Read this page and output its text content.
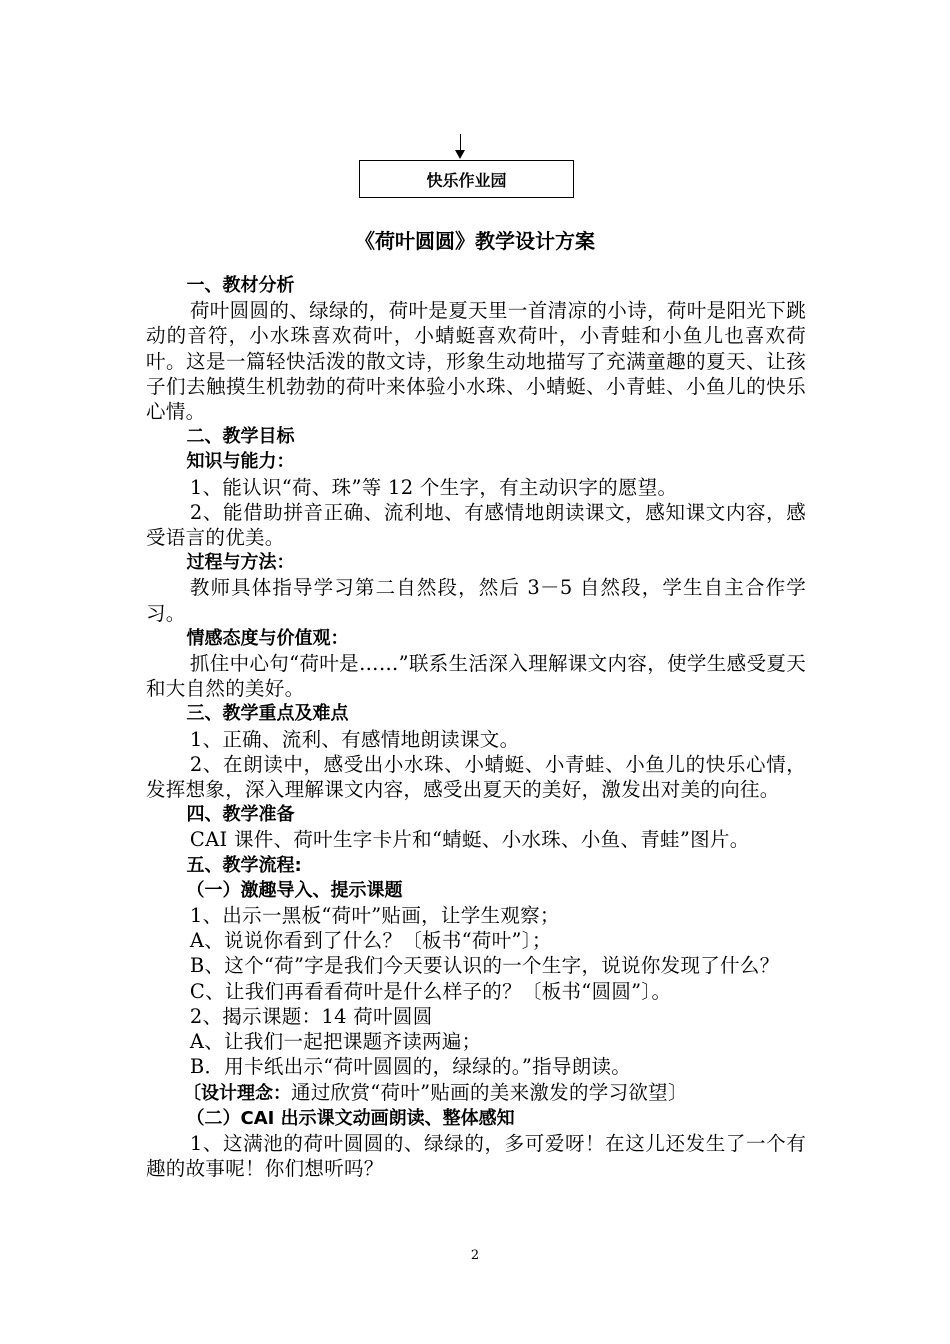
快乐作业园
《荷叶圆圆》教学设计方案

一、教材分析

荷叶圆圆的、绿绿的，荷叶是夏天里一首清凉的小诗，荷叶是阳光下跳动的音符，小水珠喜欢荷叶，小蜻蜓喜欢荷叶，小青蛙和小鱼儿也喜欢荷叶。这是一篇轻快活泼的散文诗，形象生动地描写了充满童趣的夏天、让孩子们去触摸生机勃勃的荷叶来体验小水珠、小蜻蜓、小青蛙、小鱼儿的快乐心情。

二、教学目标

知识与能力：

1、能认识“荷、珠”等 12 个生字，有主动识字的愿望。

2、能借助拼音正确、流利地、有感情地朗读课文，感知课文内容，感受语言的优美。

过程与方法：

教师具体指导学习第二自然段，然后 3－5 自然段，学生自主合作学习。

情感态度与价值观：

抓住中心句“荷叶是……”联系生活深入理解课文内容，使学生感受夏天和大自然的美好。

三、教学重点及难点

1、正确、流利、有感情地朗读课文。

2、在朗读中，感受出小水珠、小蜻蜓、小青蛙、小鱼儿的快乐心情，发挥想象，深入理解课文内容，感受出夏天的美好，激发出对美的向往。

四、教学准备

CAI 课件、荷叶生字卡片和“蜻蜓、小水珠、小鱼、青蛙”图片。

五、教学流程:

（一）激趣导入、提示课题

1、出示一黑板“荷叶”贴画，让学生观察；

A、说说你看到了什么？〔板书“荷叶”〕；

B、这个“荷”字是我们今天要认识的一个生字，说说你发现了什么？

C、让我们再看看荷叶是什么样子的？〔板书“圆圆”〕。

2、揭示课题：14 荷叶圆圆

A、让我们一起把课题齐读两遍；

B．用卡纸出示“荷叶圆圆的，绿绿的。”指导朗读。

〔设计理念：通过欣赏“荷叶”贴画的美来激发的学习欲望〕

（二）CAI 出示课文动画朗读、整体感知

1、这满池的荷叶圆圆的、绿绿的，多可爱呀！在这儿还发生了一个有趣的故事呢！你们想听吗？

2
